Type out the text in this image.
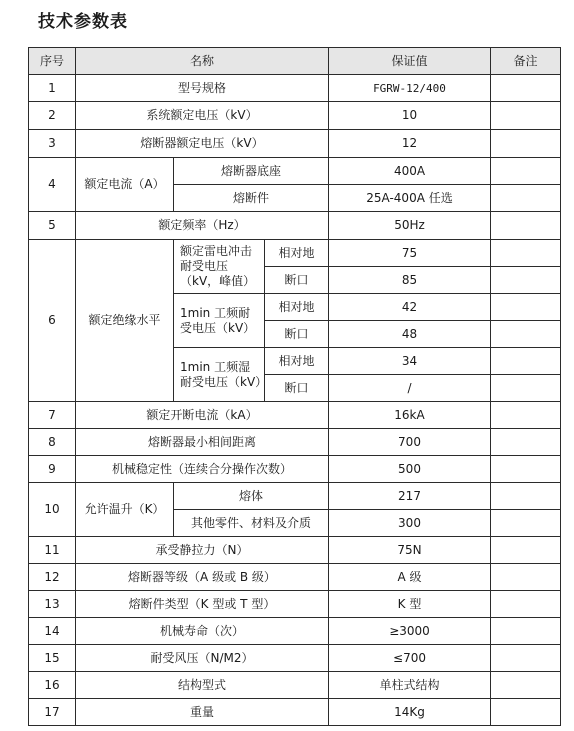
技术参数表
序号	名称			保证值	备注
1	型号规格			FGRW-12/400	
2	系统额定电压（kV）			10	
3	熔断器额定电压（kV）			12	
4	额定电流（A）	熔断器底座		400A	
		熔断件		25A-400A 任选	
5	额定频率（Hz）			50Hz	
6	额定绝缘水平	额定雷电冲击耐受电压（kV，峰值）	相对地	75	
			断口	85	
		1min 工频耐受电压（kV）	相对地	42	
			断口	48	
		1min 工频湿耐受电压（kV）	相对地	34	
			断口	/	
7	额定开断电流（kA）			16kA	
8	熔断器最小相间距离			700	
9	机械稳定性（连续合分操作次数）			500	
10	允许温升（K）	熔体		217	
		其他零件、材料及介质		300	
11	承受静拉力（N）			75N	
12	熔断器等级（A 级或 B 级）			A 级	
13	熔断件类型（K 型或 T 型）			K 型	
14	机械寿命（次）			≥3000	
15	耐受风压（N/M2）			≤700	
16	结构型式			单柱式结构	
17	重量			14Kg	
